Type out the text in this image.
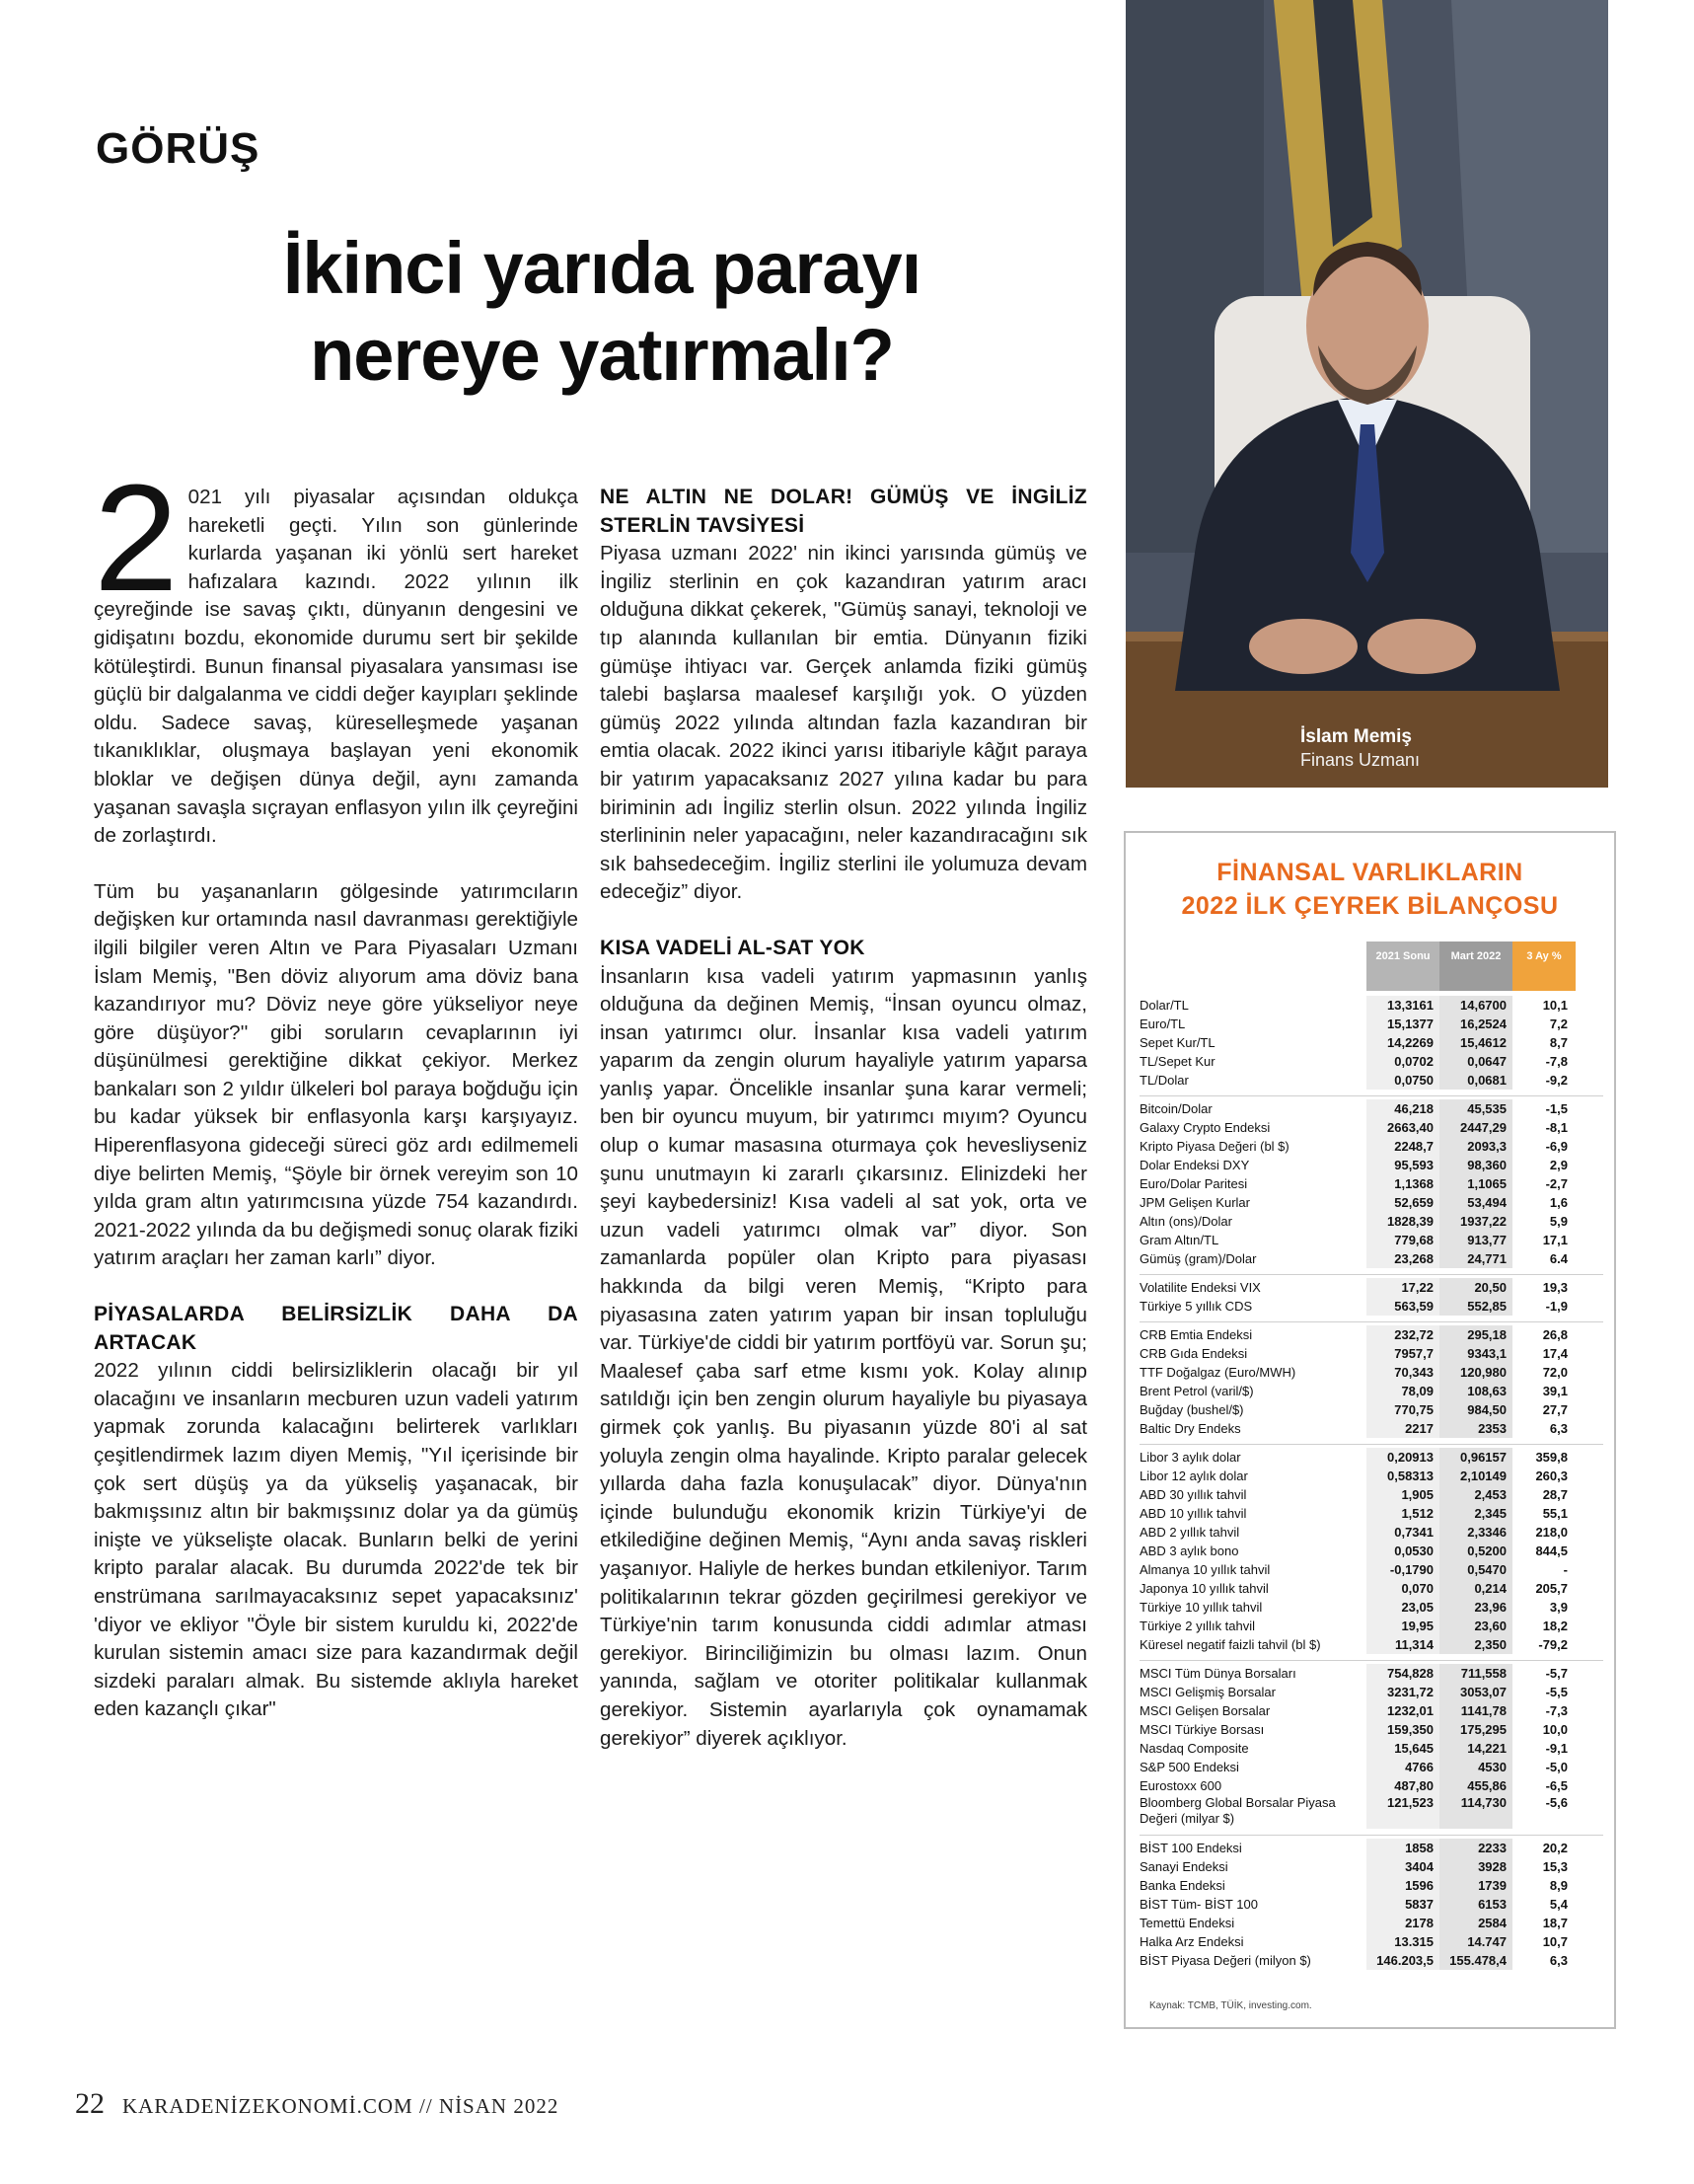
GÖRÜŞ
İkinci yarıda parayı
nereye yatırmalı?

2 021 yılı piyasalar açısından oldukça hareketli geçti. Yılın son günlerinde kurlarda yaşanan iki yönlü sert hareket hafızalara kazındı. 2022 yılının ilk çeyreğinde ise savaş çıktı, dünyanın dengesini ve gidişatını bozdu, ekonomide durumu sert bir şekilde kötüleştirdi. Bunun finansal piyasalara yansıması ise güçlü bir dalgalanma ve ciddi değer kayıpları şeklinde oldu. Sadece savaş, küreselleşmede yaşanan tıkanıklıklar, oluşmaya başlayan yeni ekonomik bloklar ve değişen dünya değil, aynı zamanda yaşanan savaşla sıçrayan enflasyon yılın ilk çeyreğini de zorlaştırdı.

Tüm bu yaşananların gölgesinde yatırımcıların değişken kur ortamında nasıl davranması gerektiğiyle ilgili bilgiler veren Altın ve Para Piyasaları Uzmanı İslam Memiş, "Ben döviz alıyorum ama döviz bana kazandırıyor mu? Döviz neye göre yükseliyor neye göre düşüyor?'' gibi soruların cevaplarının iyi düşünülmesi gerektiğine dikkat çekiyor. Merkez bankaları son 2 yıldır ülkeleri bol paraya boğduğu için bu kadar yüksek bir enflasyonla karşı karşıyayız. Hiperenflasyona gideceği süreci göz ardı edilmemeli diye belirten Memiş, “Şöyle bir örnek vereyim son 10 yılda gram altın yatırımcısına yüzde 754 kazandırdı. 2021-2022 yılında da bu değişmedi sonuç olarak fiziki yatırım araçları her zaman karlı” diyor.

PİYASALARDA BELİRSİZLİK DAHA DA ARTACAK

2022 yılının ciddi belirsizliklerin olacağı bir yıl olacağını ve insanların mecburen uzun vadeli yatırım yapmak zorunda kalacağını belirterek varlıkları çeşitlendirmek lazım diyen Memiş, "Yıl içerisinde bir çok sert düşüş ya da yükseliş yaşanacak, bir bakmışsınız altın bir bakmışsınız dolar ya da gümüş inişte ve yükselişte olacak. Bunların belki de yerini kripto paralar alacak. Bu durumda 2022'de tek bir enstrümana sarılmayacaksınız sepet yapacaksınız' 'diyor ve ekliyor "Öyle bir sistem kuruldu ki, 2022'de kurulan sistemin amacı size para kazandırmak değil sizdeki paraları almak. Bu sistemde aklıyla hareket eden kazançlı çıkar"

NE ALTIN NE DOLAR! GÜMÜŞ VE İNGİLİZ STERLİN TAVSİYESİ

Piyasa uzmanı 2022' nin ikinci yarısında gümüş ve İngiliz sterlinin en çok kazandıran yatırım aracı olduğuna dikkat çekerek, "Gümüş sanayi, teknoloji ve tıp alanında kullanılan bir emtia. Dünyanın fiziki gümüşe ihtiyacı var. Gerçek anlamda fiziki gümüş talebi başlarsa maalesef karşılığı yok. O yüzden gümüş 2022 yılında altından fazla kazandıran bir emtia olacak. 2022 ikinci yarısı itibariyle kâğıt paraya bir yatırım yapacaksanız 2027 yılına kadar bu para biriminin adı İngiliz sterlin olsun. 2022 yılında İngiliz sterlininin neler yapacağını, neler kazandıracağını sık sık bahsedeceğim. İngiliz sterlini ile yolumuza devam edeceğiz” diyor.

KISA VADELİ AL-SAT YOK

İnsanların kısa vadeli yatırım yapmasının yanlış olduğuna da değinen Memiş, “İnsan oyuncu olmaz, insan yatırımcı olur. İnsanlar kısa vadeli yatırım yaparım da zengin olurum hayaliyle yatırım yaparsa yanlış yapar. Öncelikle insanlar şuna karar vermeli; ben bir oyuncu muyum, bir yatırımcı mıyım? Oyuncu olup o kumar masasına oturmaya çok hevesliyseniz şunu unutmayın ki zararlı çıkarsınız. Elinizdeki her şeyi kaybedersiniz! Kısa vadeli al sat yok, orta ve uzun vadeli yatırımcı olmak var” diyor. Son zamanlarda popüler olan Kripto para piyasası hakkında da bilgi veren Memiş, “Kripto para piyasasına zaten yatırım yapan bir insan topluluğu var. Türkiye'de ciddi bir yatırım portföyü var. Sorun şu; Maalesef çaba sarf etme kısmı yok. Kolay alınıp satıldığı için ben zengin olurum hayaliyle bu piyasaya girmek çok yanlış. Bu piyasanın yüzde 80'i al sat yoluyla zengin olma hayalinde. Kripto paralar gelecek yıllarda daha fazla konuşulacak” diyor. Dünya'nın içinde bulunduğu ekonomik krizin Türkiye'yi de etkilediğine değinen Memiş, “Aynı anda savaş riskleri yaşanıyor. Haliyle de herkes bundan etkileniyor. Tarım politikalarının tekrar gözden geçirilmesi gerekiyor ve Türkiye'nin tarım konusunda ciddi adımlar atması gerekiyor. Birinciliğimizin bu olması lazım. Onun yanında, sağlam ve otoriter politikalar kullanmak gerekiyor. Sistemin ayarlarıyla çok oynamamak gerekiyor” diyerek açıklıyor.

İslam Memiş
Finans Uzmanı
FİNANSAL VARLIKLARIN
2022 İLK ÇEYREK BİLANÇOSU
2021 Sonu	Mart 2022	3 Ay %
Dolar/TL	13,3161	14,6700	10,1
Euro/TL	15,1377	16,2524	7,2
Sepet Kur/TL	14,2269	15,4612	8,7
TL/Sepet Kur	0,0702	0,0647	-7,8
TL/Dolar	0,0750	0,0681	-9,2
Bitcoin/Dolar	46,218	45,535	-1,5
Galaxy Crypto Endeksi	2663,40	2447,29	-8,1
Kripto Piyasa Değeri (bl $)	2248,7	2093,3	-6,9
Dolar Endeksi DXY	95,593	98,360	2,9
Euro/Dolar Paritesi	1,1368	1,1065	-2,7
JPM Gelişen Kurlar	52,659	53,494	1,6
Altın (ons)/Dolar	1828,39	1937,22	5,9
Gram Altın/TL	779,68	913,77	17,1
Gümüş (gram)/Dolar	23,268	24,771	6.4
Volatilite Endeksi VIX	17,22	20,50	19,3
Türkiye 5 yıllık CDS	563,59	552,85	-1,9
CRB Emtia Endeksi	232,72	295,18	26,8
CRB Gıda Endeksi	7957,7	9343,1	17,4
TTF Doğalgaz (Euro/MWH)	70,343	120,980	72,0
Brent Petrol (varil/$)	78,09	108,63	39,1
Buğday (bushel/$)	770,75	984,50	27,7
Baltic Dry Endeks	2217	2353	6,3
Libor 3 aylık dolar	0,20913	0,96157	359,8
Libor 12 aylık dolar	0,58313	2,10149	260,3
ABD 30 yıllık tahvil	1,905	2,453	28,7
ABD 10 yıllık tahvil	1,512	2,345	55,1
ABD 2 yıllık tahvil	0,7341	2,3346	218,0
ABD 3 aylık bono	0,0530	0,5200	844,5
Almanya 10 yıllık tahvil	-0,1790	0,5470	-
Japonya 10 yıllık tahvil	0,070	0,214	205,7
Türkiye 10 yıllık tahvil	23,05	23,96	3,9
Türkiye 2 yıllık tahvil	19,95	23,60	18,2
Küresel negatif faizli tahvil (bl $)	11,314	2,350	-79,2
MSCI Tüm Dünya Borsaları	754,828	711,558	-5,7
MSCI Gelişmiş Borsalar	3231,72	3053,07	-5,5
MSCI Gelişen Borsalar	1232,01	1141,78	-7,3
MSCI Türkiye Borsası	159,350	175,295	10,0
Nasdaq Composite	15,645	14,221	-9,1
S&P 500 Endeksi	4766	4530	-5,0
Eurostoxx 600	487,80	455,86	-6,5
Bloomberg Global Borsalar Piyasa Değeri (milyar $)
121,523	114,730	-5,6
BİST 100 Endeksi	1858	2233	20,2
Sanayi Endeksi	3404	3928	15,3
Banka Endeksi	1596	1739	8,9
BİST Tüm- BİST 100	5837	6153	5,4
Temettü Endeksi	2178	2584	18,7
Halka Arz Endeksi	13.315	14.747	10,7
BİST Piyasa Değeri (milyon $)	146.203,5	155.478,4	6,3
Kaynak: TCMB, TÜİK, investing.com.
22 KARADENİZEKONOMİ.COM // NİSAN 2022
